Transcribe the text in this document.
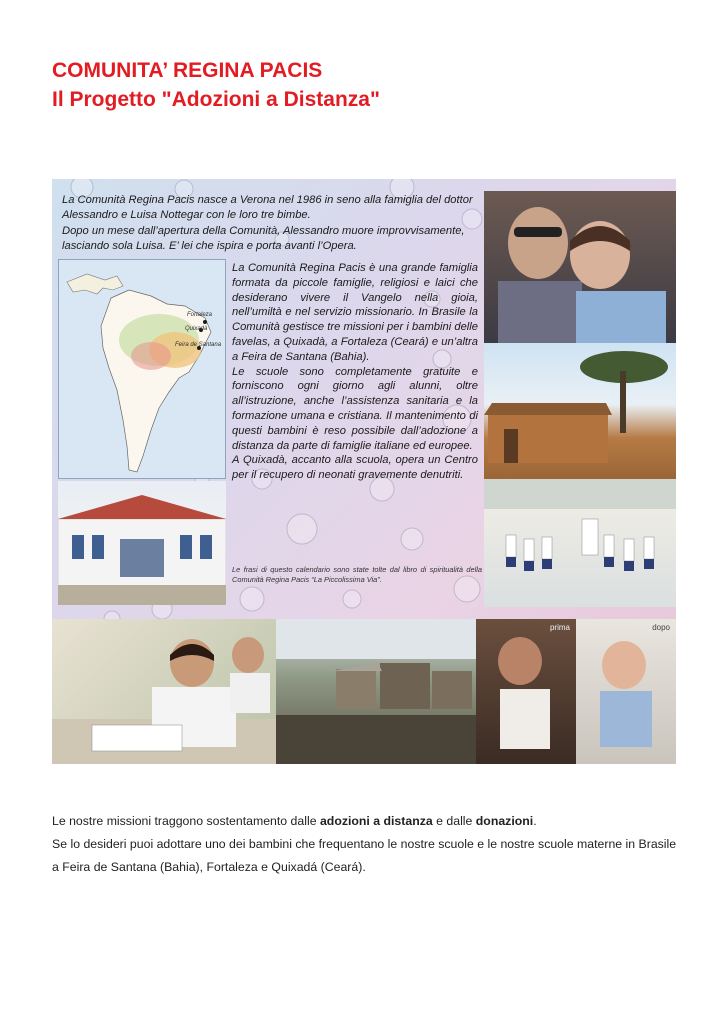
COMUNITA’ REGINA PACIS
Il Progetto "Adozioni a Distanza"

La Comunità Regina Pacis nasce a Verona nel 1986 in seno alla famiglia del dottor Alessandro e Luisa Nottegar con le loro tre bimbe.

Dopo un mese dall’apertura della Comunità, Alessandro muore improvvisamente, lasciando sola Luisa. E’ lei che ispira e porta avanti l’Opera.

Fortaleza
Quixadà
Feira de Santana

La Comunità Regina Pacis è una grande famiglia formata da piccole famiglie, religiosi e laici che desiderano vivere il Vangelo nella gioia, nell’umiltà e nel servizio missionario. In Brasile la Comunità gestisce tre missioni per i bambini delle favelas, a Quixadà, a Fortaleza (Ceará) e un’altra a Feira de Santana (Bahia).

Le scuole sono completamente gratuite e forniscono ogni giorno agli alunni, oltre all’istruzione, anche l’assistenza sanitaria e la formazione umana e cristiana. Il mantenimento di questi bambini è reso possibile dall’adozione a distanza da parte di famiglie italiane ed europee.

A Quixadà, accanto alla scuola, opera un Centro per il recupero di neonati gravemente denutriti.

Le frasi di questo calendario sono state tolte dal libro di spiritualità della Comunità Regina Pacis “La Piccolissima Via”.

prima	dopo

Le nostre missioni traggono sostentamento dalle adozioni a distanza e dalle donazioni.
Se lo desideri puoi adottare uno dei bambini che frequentano le nostre scuole e le nostre scuole materne in Brasile a Feira de Santana (Bahia), Fortaleza e Quixadá (Ceará).
